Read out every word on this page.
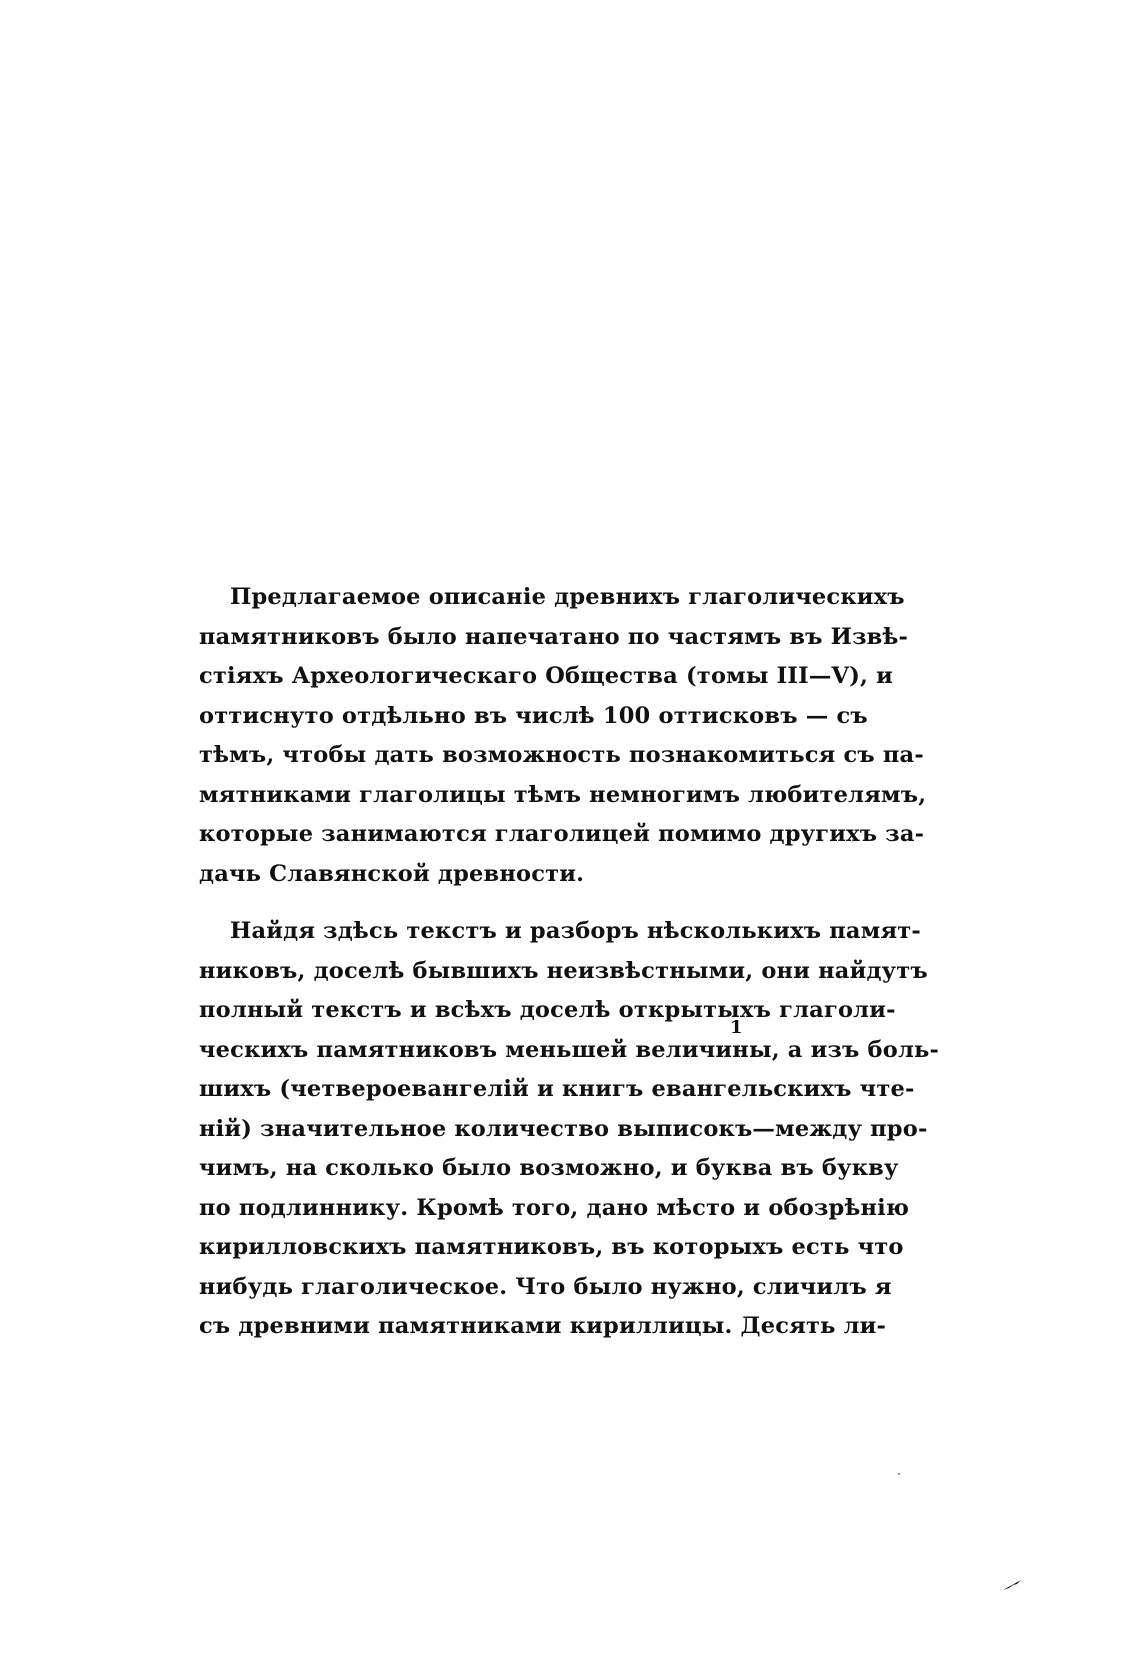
Предлагаемое описаніе древнихъ глаголическихъ
памятниковъ было напечатано по частямъ въ Извѣ-
стіяхъ Археологическаго Общества (томы III—V), и
оттиснуто отдѣльно въ числѣ 100 оттисковъ — съ
тѣмъ, чтобы дать возможность познакомиться съ па-
мятниками глаголицы тѣмъ немногимъ любителямъ,
которые занимаются глаголицей помимо другихъ за-
дачь Славянской древности.
Найдя здѣсь текстъ и разборъ нѣсколькихъ памят-
никовъ, доселѣ бывшихъ неизвѣстными, они найдутъ
полный текстъ и всѣхъ доселѣ открытыхъ глаголи-
ческихъ памятниковъ меньшей величины, а изъ боль-
шихъ (четвероевангелій и книгъ евангельскихъ чте-
ній) значительное количество выписокъ—между про-
чимъ, на сколько было возможно, и буква въ букву
по подлиннику. Кромѣ того, дано мѣсто и обозрѣнію
кирилловскихъ памятниковъ, въ которыхъ есть что
нибудь глаголическое. Что было нужно, сличилъ я
съ древними памятниками кириллицы. Десять ли-
1
